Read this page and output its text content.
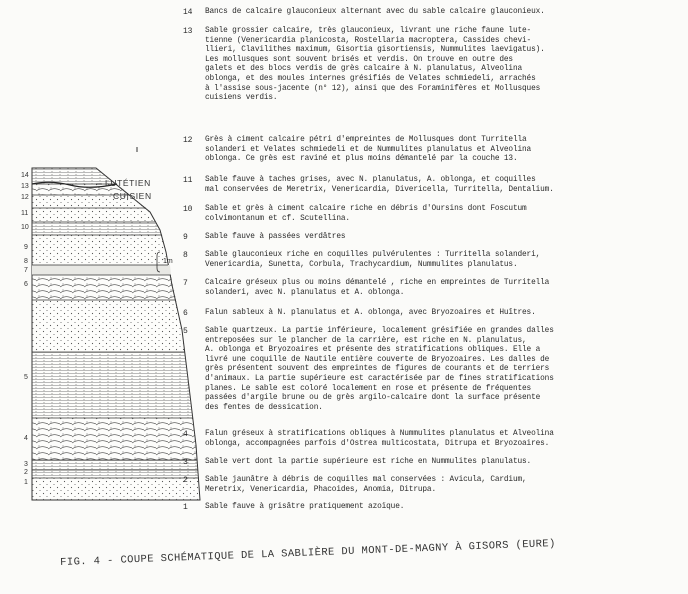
14
13
12
11
10
9
8
7
6
5
4
3
2
1
LUTÉTIEN
CUISIEN
1m
14 Bancs de calcaire glauconieux alternant avec du sable calcaire glauconieux.
13 Sable grossier calcaire, très glauconieux, livrant une riche faune lute-
tienne (Venericardia planicosta, Rostellaria macroptera, Cassides chevi-
llieri, Clavilithes maximum, Gisortia gisortiensis, Nummulites laevigatus).
Les mollusques sont souvent brisés et verdis. On trouve en outre des
galets et des blocs verdis de grès calcaire à N. planulatus, Alveolina
oblonga, et des moules internes grésifiés de Velates schmiedeli, arrachés
à l'assise sous-jacente (n° 12), ainsi que des Foraminifères et Mollusques
cuisiens verdis.
12 Grès à ciment calcaire pétri d'empreintes de Mollusques dont Turritella
solanderi et Velates schmiedeli et de Nummulites planulatus et Alveolina
oblonga. Ce grès est raviné et plus moins démantelé par la couche 13.
11 Sable fauve à taches grises, avec N. planulatus, A. oblonga, et coquilles
mal conservées de Meretrix, Venericardia, Divericella, Turritella, Dentalium.
10 Sable et grès à ciment calcaire riche en débris d'Oursins dont Foscutum
colvimontanum et cf. Scutellina.
9 Sable fauve à passées verdâtres
8 Sable glauconieux riche en coquilles pulvérulentes : Turritella solanderi,
Venericardia, Sunetta, Corbula, Trachycardium, Nummulites planulatus.
7 Calcaire gréseux plus ou moins démantelé , riche en empreintes de Turritella
solanderi, avec N. planulatus et A. oblonga.
6 Falun sableux à N. planulatus et A. oblonga, avec Bryozoaires et Huîtres.
5 Sable quartzeux. La partie inférieure, localement grésifiée en grandes dalles
entreposées sur le plancher de la carrière, est riche en N. planulatus,
A. oblonga et Bryozoaires et présente des stratifications obliques. Elle a
livré une coquille de Nautile entière couverte de Bryozoaires. Les dalles de
grès présentent souvent des empreintes de figures de courants et de terriers
d'animaux. La partie supérieure est caractérisée par de fines stratifications
planes. Le sable est coloré localement en rose et présente de fréquentes
passées d'argile brune ou de grès argilo-calcaire dont la surface présente
des fentes de dessication.
4 Falun gréseux à stratifications obliques à Nummulites planulatus et Alveolina
oblonga, accompagnées parfois d'Ostrea multicostata, Ditrupa et Bryozoaires.
3 Sable vert dont la partie supérieure est riche en Nummulites planulatus.
2 Sable jaunâtre à débris de coquilles mal conservées : Avicula, Cardium,
Meretrix, Venericardia, Phacoides, Anomia, Ditrupa.
1 Sable fauve à grisâtre pratiquement azoïque.
FIG. 4 - COUPE SCHÉMATIQUE DE LA SABLIÈRE DU MONT-DE-MAGNY À GISORS (EURE)
